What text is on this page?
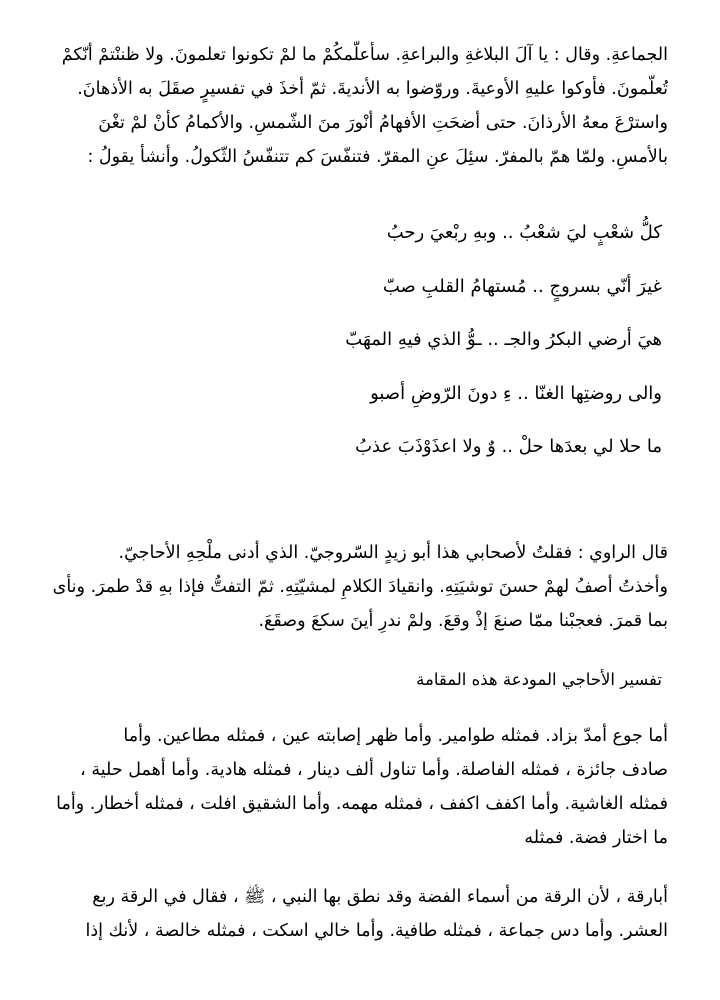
الجماعةِ. وقال : يا آلَ البلاغةِ والبراعةِ. سأعلّمكُمْ ما لمْ تكونوا تعلمونَ. ولا ظننْتمْ أنّكمْ
تُعلّمونَ. فأوكوا عليهِ الأوعيةَ. وروّضوا به الأنديةَ. ثمّ أخذَ في تفسيرٍ صقَلَ به الأذهانَ.
واسترْعَ معهُ الأرذانَ. حتى أضحَتِ الأفهامُ أنْورَ منَ الشّمسِ. والأكمامُ كأنْ لمْ تغْنَ
بالأمسِ. ولمّا همّ بالمفرّ. سئِلَ عنِ المقرّ. فتنفّسَ كم تتنفّسُ الثّكولُ. وأنشأ يقولُ :
كلُّ شعْبٍ ليَ شعْبُ .. وبهِ ربْعيَ رحبُ
غيرَ أنّي بسروجٍ .. مُستهامُ القلبِ صبّ
هيَ أرضي البكرُ والجـ .. ـوُّ الذي فيهِ المهَبّ
والى روضتِها الغنّا .. ءِ دونَ الرّوضِ أصبو
ما حلا لي بعدَها حلْ .. وٌ ولا اعذَوْذَبَ عذبُ
قال الراوي : فقلتُ لأصحابي هذا أبو زيدٍ السّروجيّ. الذي أدنى ملْحِهِ الأحاجيّ.
وأخذتُ أصفُ لهمْ حسنَ توشيَتِهِ. وانقيادَ الكلامِ لمشيّتِهِ. ثمّ التفتُّ فإذا بهِ قدْ طمرَ. ونأى
بما قمرَ. فعجبْنا ممّا صنعَ إذْ وقعَ. ولمْ ندرِ أينَ سكعَ وصقَعَ.
تفسير الأحاجي المودعة هذه المقامة
أما جوع أمدّ بزاد. فمثله طوامير. وأما ظهر إصابته عين ، فمثله مطاعين. وأما
صادف جائزة ، فمثله الفاصلة. وأما تناول ألف دينار ، فمثله هادية. وأما أهمل حلية ،
فمثله الغاشية. وأما اكفف اكفف ، فمثله مهمه. وأما الشقيق افلت ، فمثله أخطار. وأما
ما اختار فضة. فمثله
أبارقة ، لأن الرقة من أسماء الفضة وقد نطق بها النبي ، ﷺ ، فقال في الرقة ربع
العشر. وأما دس جماعة ، فمثله طافية. وأما خالي اسكت ، فمثله خالصة ، لأنك إذا
